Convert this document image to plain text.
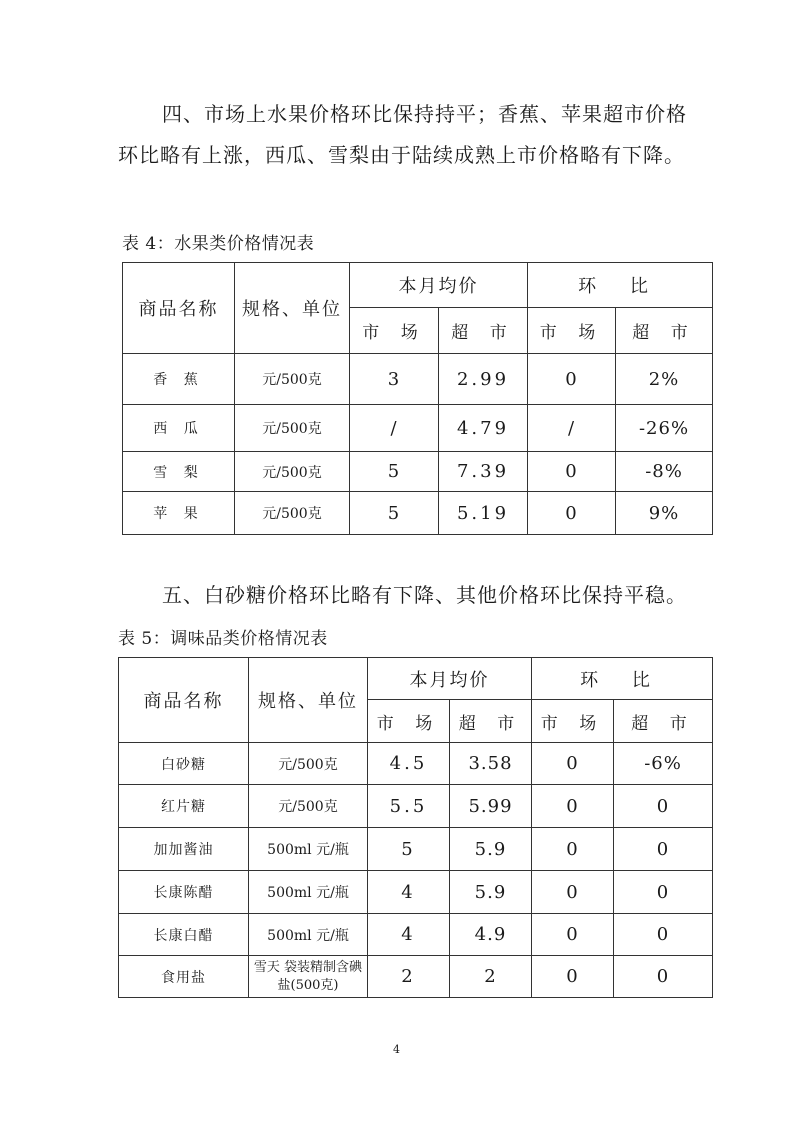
四、市场上水果价格环比保持持平；香蕉、苹果超市价格环比略有上涨，西瓜、雪梨由于陆续成熟上市价格略有下降。

表 4：水果类价格情况表

商品名称	规格、单位	本月均价		环 比	
		市 场	超 市	市 场	超 市
香 蕉	元/500克	3	2.99	0	2%
西 瓜	元/500克	/	4.79	/	-26%
雪 梨	元/500克	5	7.39	0	-8%
苹 果	元/500克	5	5.19	0	9%

五、白砂糖价格环比略有下降、其他价格环比保持平稳。

表 5：调味品类价格情况表

商品名称	规格、单位	本月均价		环 比	
		市 场	超 市	市 场	超 市
白砂糖	元/500克	4.5	3.58	0	-6%
红片糖	元/500克	5.5	5.99	0	0
加加酱油	500ml 元/瓶	5	5.9	0	0
长康陈醋	500ml 元/瓶	4	5.9	0	0
长康白醋	500ml 元/瓶	4	4.9	0	0
食用盐	雪天 袋装精制含碘盐(500克)	2	2	0	0
4
